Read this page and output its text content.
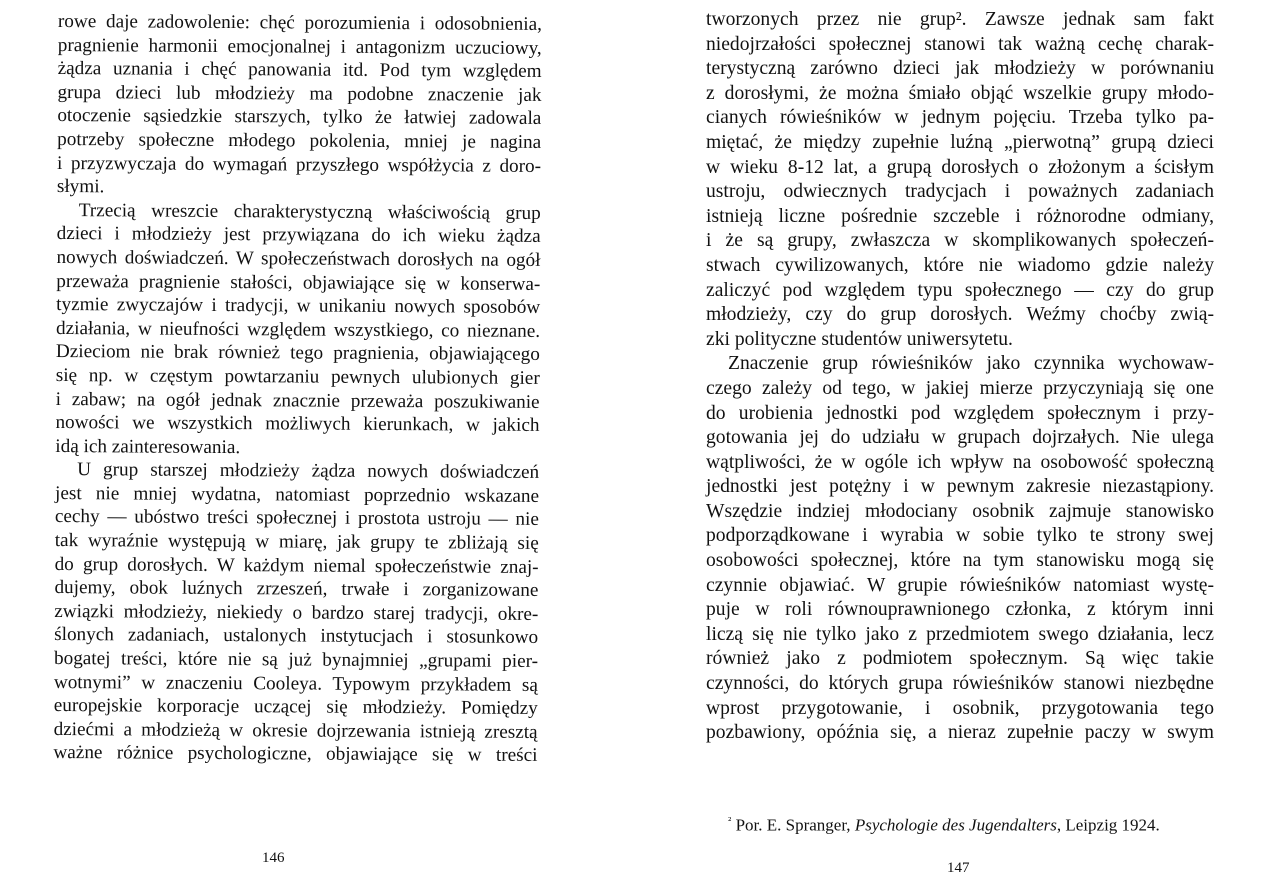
rowe daje zadowolenie: chęć porozumienia i odosobnienia,
pragnienie harmonii emocjonalnej i antagonizm uczuciowy,
żądza uznania i chęć panowania itd. Pod tym względem
grupa dzieci lub młodzieży ma podobne znaczenie jak
otoczenie sąsiedzkie starszych, tylko że łatwiej zadowala
potrzeby społeczne młodego pokolenia, mniej je nagina
i przyzwyczaja do wymagań przyszłego współżycia z doro-
słymi.
Trzecią wreszcie charakterystyczną właściwością grup
dzieci i młodzieży jest przywiązana do ich wieku żądza
nowych doświadczeń. W społeczeństwach dorosłych na ogół
przeważa pragnienie stałości, objawiające się w konserwa-
tyzmie zwyczajów i tradycji, w unikaniu nowych sposobów
działania, w nieufności względem wszystkiego, co nieznane.
Dzieciom nie brak również tego pragnienia, objawiającego
się np. w częstym powtarzaniu pewnych ulubionych gier
i zabaw; na ogół jednak znacznie przeważa poszukiwanie
nowości we wszystkich możliwych kierunkach, w jakich
idą ich zainteresowania.
U grup starszej młodzieży żądza nowych doświadczeń
jest nie mniej wydatna, natomiast poprzednio wskazane
cechy — ubóstwo treści społecznej i prostota ustroju — nie
tak wyraźnie występują w miarę, jak grupy te zbliżają się
do grup dorosłych. W każdym niemal społeczeństwie znaj-
dujemy, obok luźnych zrzeszeń, trwałe i zorganizowane
związki młodzieży, niekiedy o bardzo starej tradycji, okre-
ślonych zadaniach, ustalonych instytucjach i stosunkowo
bogatej treści, które nie są już bynajmniej „grupami pier-
wotnymi” w znaczeniu Cooleya. Typowym przykładem są
europejskie korporacje uczącej się młodzieży. Pomiędzy
dziećmi a młodzieżą w okresie dojrzewania istnieją zresztą
ważne różnice psychologiczne, objawiające się w treści
146
tworzonych przez nie grup². Zawsze jednak sam fakt
niedojrzałości społecznej stanowi tak ważną cechę charak-
terystyczną zarówno dzieci jak młodzieży w porównaniu
z dorosłymi, że można śmiało objąć wszelkie grupy młodo-
cianych rówieśników w jednym pojęciu. Trzeba tylko pa-
miętać, że między zupełnie luźną „pierwotną” grupą dzieci
w wieku 8-12 lat, a grupą dorosłych o złożonym a ścisłym
ustroju, odwiecznych tradycjach i poważnych zadaniach
istnieją liczne pośrednie szczeble i różnorodne odmiany,
i że są grupy, zwłaszcza w skomplikowanych społeczeń-
stwach cywilizowanych, które nie wiadomo gdzie należy
zaliczyć pod względem typu społecznego — czy do grup
młodzieży, czy do grup dorosłych. Weźmy choćby zwią-
zki polityczne studentów uniwersytetu.
Znaczenie grup rówieśników jako czynnika wychowaw-
czego zależy od tego, w jakiej mierze przyczyniają się one
do urobienia jednostki pod względem społecznym i przy-
gotowania jej do udziału w grupach dojrzałych. Nie ulega
wątpliwości, że w ogóle ich wpływ na osobowość społeczną
jednostki jest potężny i w pewnym zakresie niezastąpiony.
Wszędzie indziej młodociany osobnik zajmuje stanowisko
podporządkowane i wyrabia w sobie tylko te strony swej
osobowości społecznej, które na tym stanowisku mogą się
czynnie objawiać. W grupie rówieśników natomiast wystę-
puje w roli równouprawnionego członka, z którym inni
liczą się nie tylko jako z przedmiotem swego działania, lecz
również jako z podmiotem społecznym. Są więc takie
czynności, do których grupa rówieśników stanowi niezbędne
wprost przygotowanie, i osobnik, przygotowania tego
pozbawiony, opóźnia się, a nieraz zupełnie paczy w swym
$^{^2}$ Por. E. Spranger, Psychologie des Jugendalters, Leipzig 1924.
147
